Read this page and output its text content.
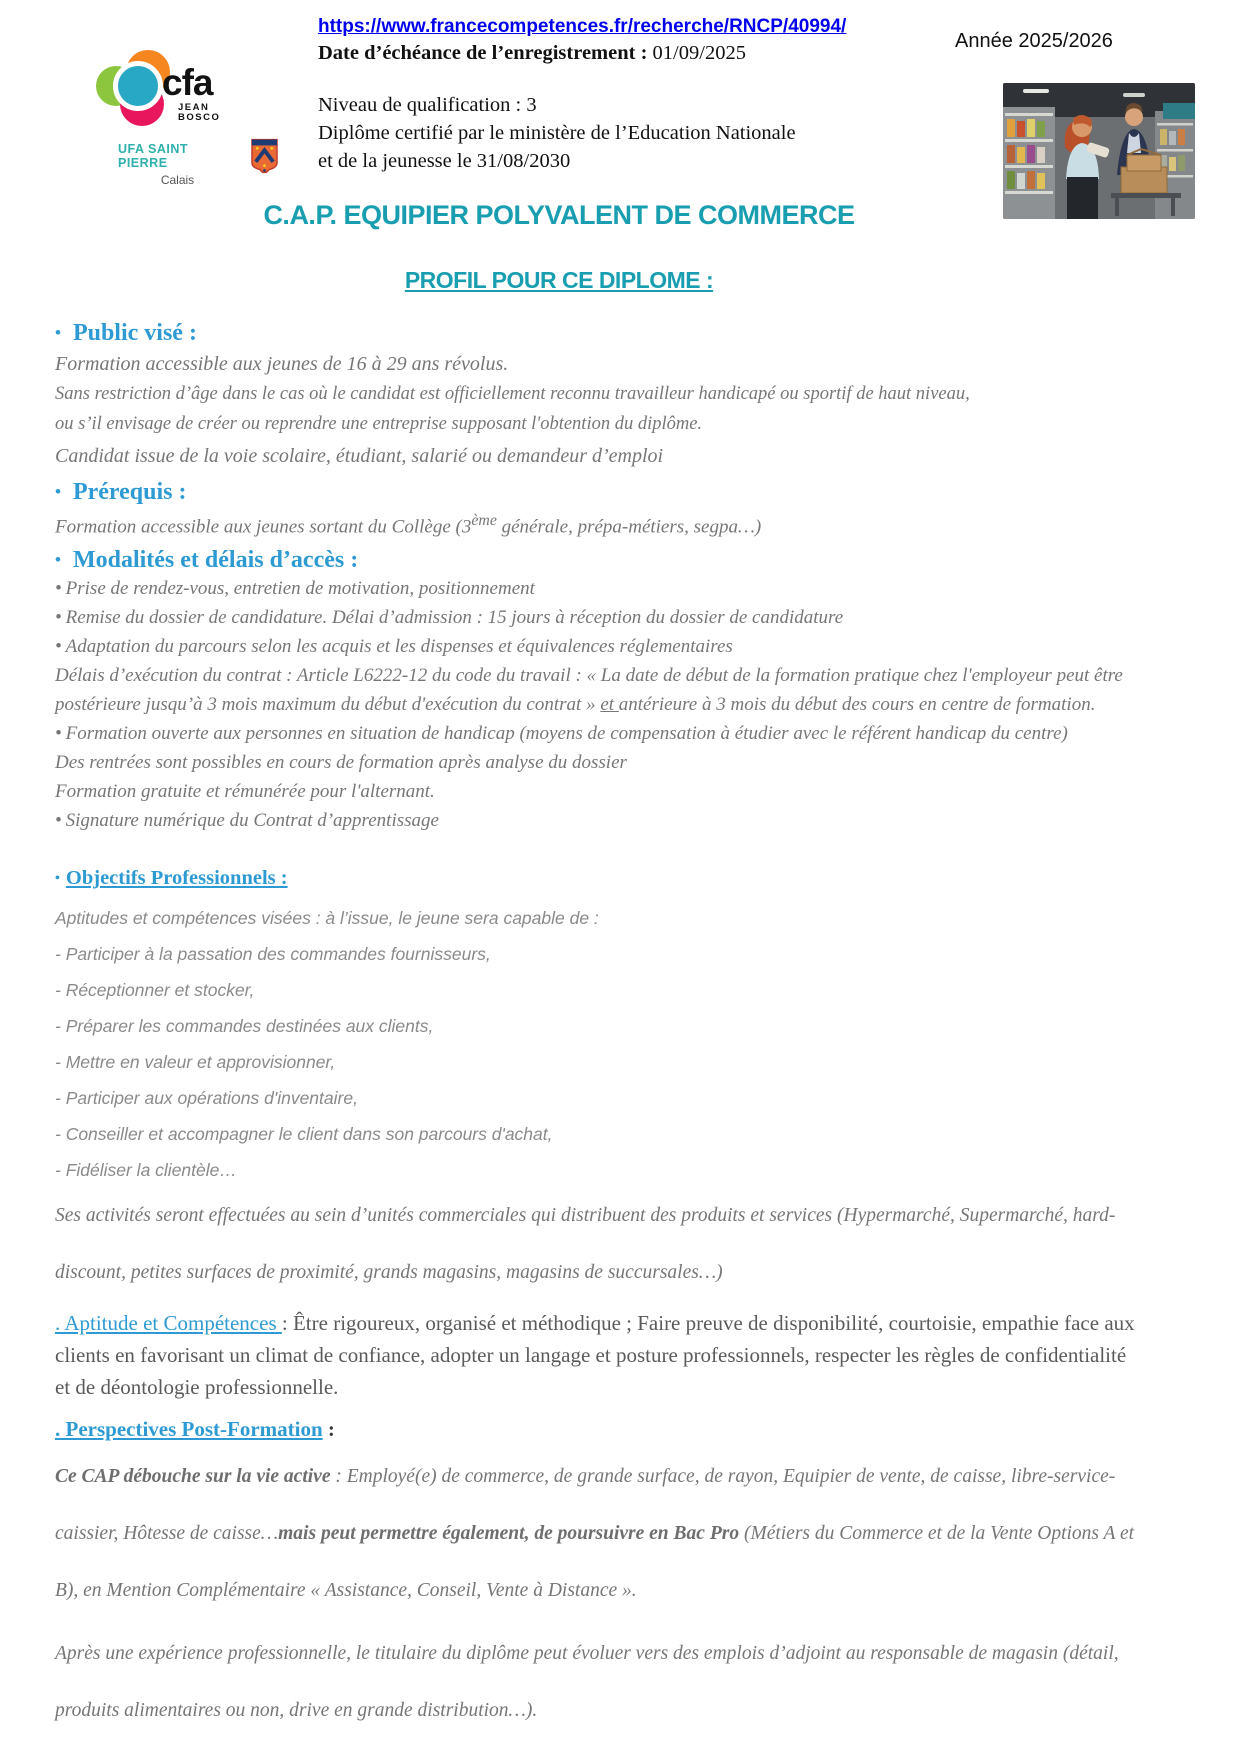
cfa
JEAN BOSCO
UFA SAINT PIERRE
Calais
https://www.francecompetences.fr/recherche/RNCP/40994/
Date d’échéance de l’enregistrement : 01/09/2025
Niveau de qualification : 3
Diplôme certifié par le ministère de l’Education Nationale
et de la jeunesse le 31/08/2030
Année 2025/2026
C.A.P. EQUIPIER POLYVALENT DE COMMERCE
PROFIL POUR CE DIPLOME :
• Public visé :

Formation accessible aux jeunes de 16 à 29 ans révolus.

Sans restriction d’âge dans le cas où le candidat est officiellement reconnu travailleur handicapé ou sportif de haut niveau,

ou s’il envisage de créer ou reprendre une entreprise supposant l'obtention du diplôme.

Candidat issue de la voie scolaire, étudiant, salarié ou demandeur d’emploi

• Prérequis :

Formation accessible aux jeunes sortant du Collège (3ème générale, prépa-métiers, segpa…)

• Modalités et délais d’accès :

• Prise de rendez-vous, entretien de motivation, positionnement

• Remise du dossier de candidature. Délai d’admission : 15 jours à réception du dossier de candidature

• Adaptation du parcours selon les acquis et les dispenses et équivalences réglementaires

Délais d’exécution du contrat : Article L6222-12 du code du travail : « La date de début de la formation pratique chez l'employeur peut être postérieure jusqu’à 3 mois maximum du début d'exécution du contrat » et antérieure à 3 mois du début des cours en centre de formation.

• Formation ouverte aux personnes en situation de handicap (moyens de compensation à étudier avec le référent handicap du centre)

Des rentrées sont possibles en cours de formation après analyse du dossier

Formation gratuite et rémunérée pour l'alternant.

• Signature numérique du Contrat d’apprentissage

• Objectifs Professionnels :

Aptitudes et compétences visées : à l’issue, le jeune sera capable de :

- Participer à la passation des commandes fournisseurs,

- Réceptionner et stocker,

- Préparer les commandes destinées aux clients,

- Mettre en valeur et approvisionner,

- Participer aux opérations d'inventaire,

- Conseiller et accompagner le client dans son parcours d'achat,

- Fidéliser la clientèle…

Ses activités seront effectuées au sein d’unités commerciales qui distribuent des produits et services (Hypermarché, Supermarché, hard-discount, petites surfaces de proximité, grands magasins, magasins de succursales…)

. Aptitude et Compétences : Être rigoureux, organisé et méthodique ; Faire preuve de disponibilité, courtoisie, empathie face aux clients en favorisant un climat de confiance, adopter un langage et posture professionnels, respecter les règles de confidentialité et de déontologie professionnelle.

. Perspectives Post-Formation :

Ce CAP débouche sur la vie active : Employé(e) de commerce, de grande surface, de rayon, Equipier de vente, de caisse, libre-service-caissier, Hôtesse de caisse…mais peut permettre également, de poursuivre en Bac Pro (Métiers du Commerce et de la Vente Options A et B), en Mention Complémentaire « Assistance, Conseil, Vente à Distance ».

Après une expérience professionnelle, le titulaire du diplôme peut évoluer vers des emplois d’adjoint au responsable de magasin (détail, produits alimentaires ou non, drive en grande distribution…).
